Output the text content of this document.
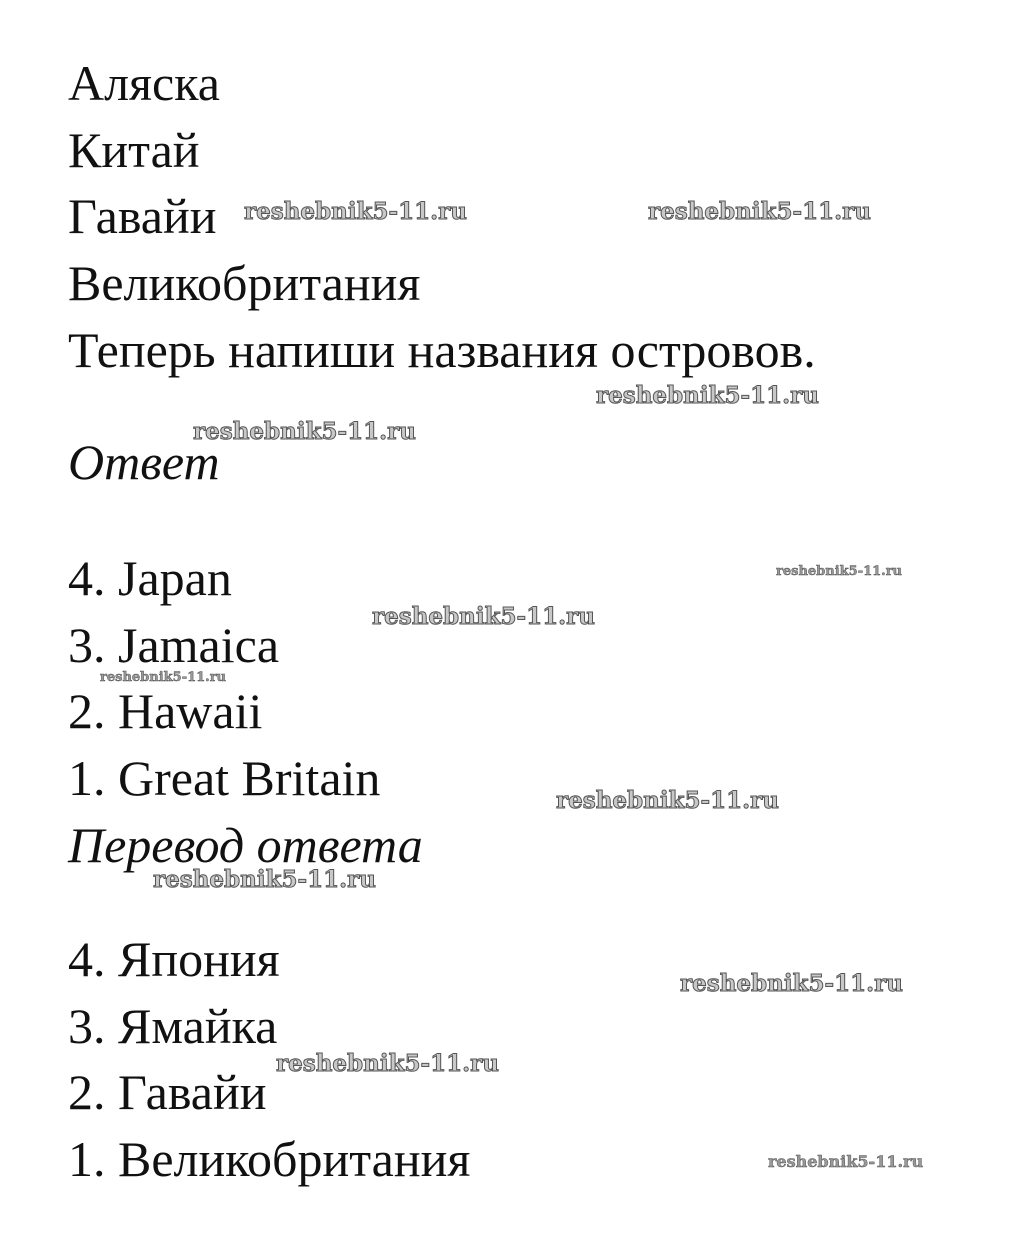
Аляска
Китай
Гавайи
Великобритания
Теперь напиши названия островов.
Ответ
4. Japan
3. Jamaica
2. Hawaii
1. Great Britain
Перевод ответа
4. Япония
3. Ямайка
2. Гавайи
1. Великобритания
reshebnik5-11.ru	reshebnik5-11.ru
reshebnik5-11.ru
reshebnik5-11.ru
reshebnik5-11.ru
reshebnik5-11.ru
reshebnik5-11.ru
reshebnik5-11.ru
reshebnik5-11.ru
reshebnik5-11.ru
reshebnik5-11.ru
reshebnik5-11.ru
